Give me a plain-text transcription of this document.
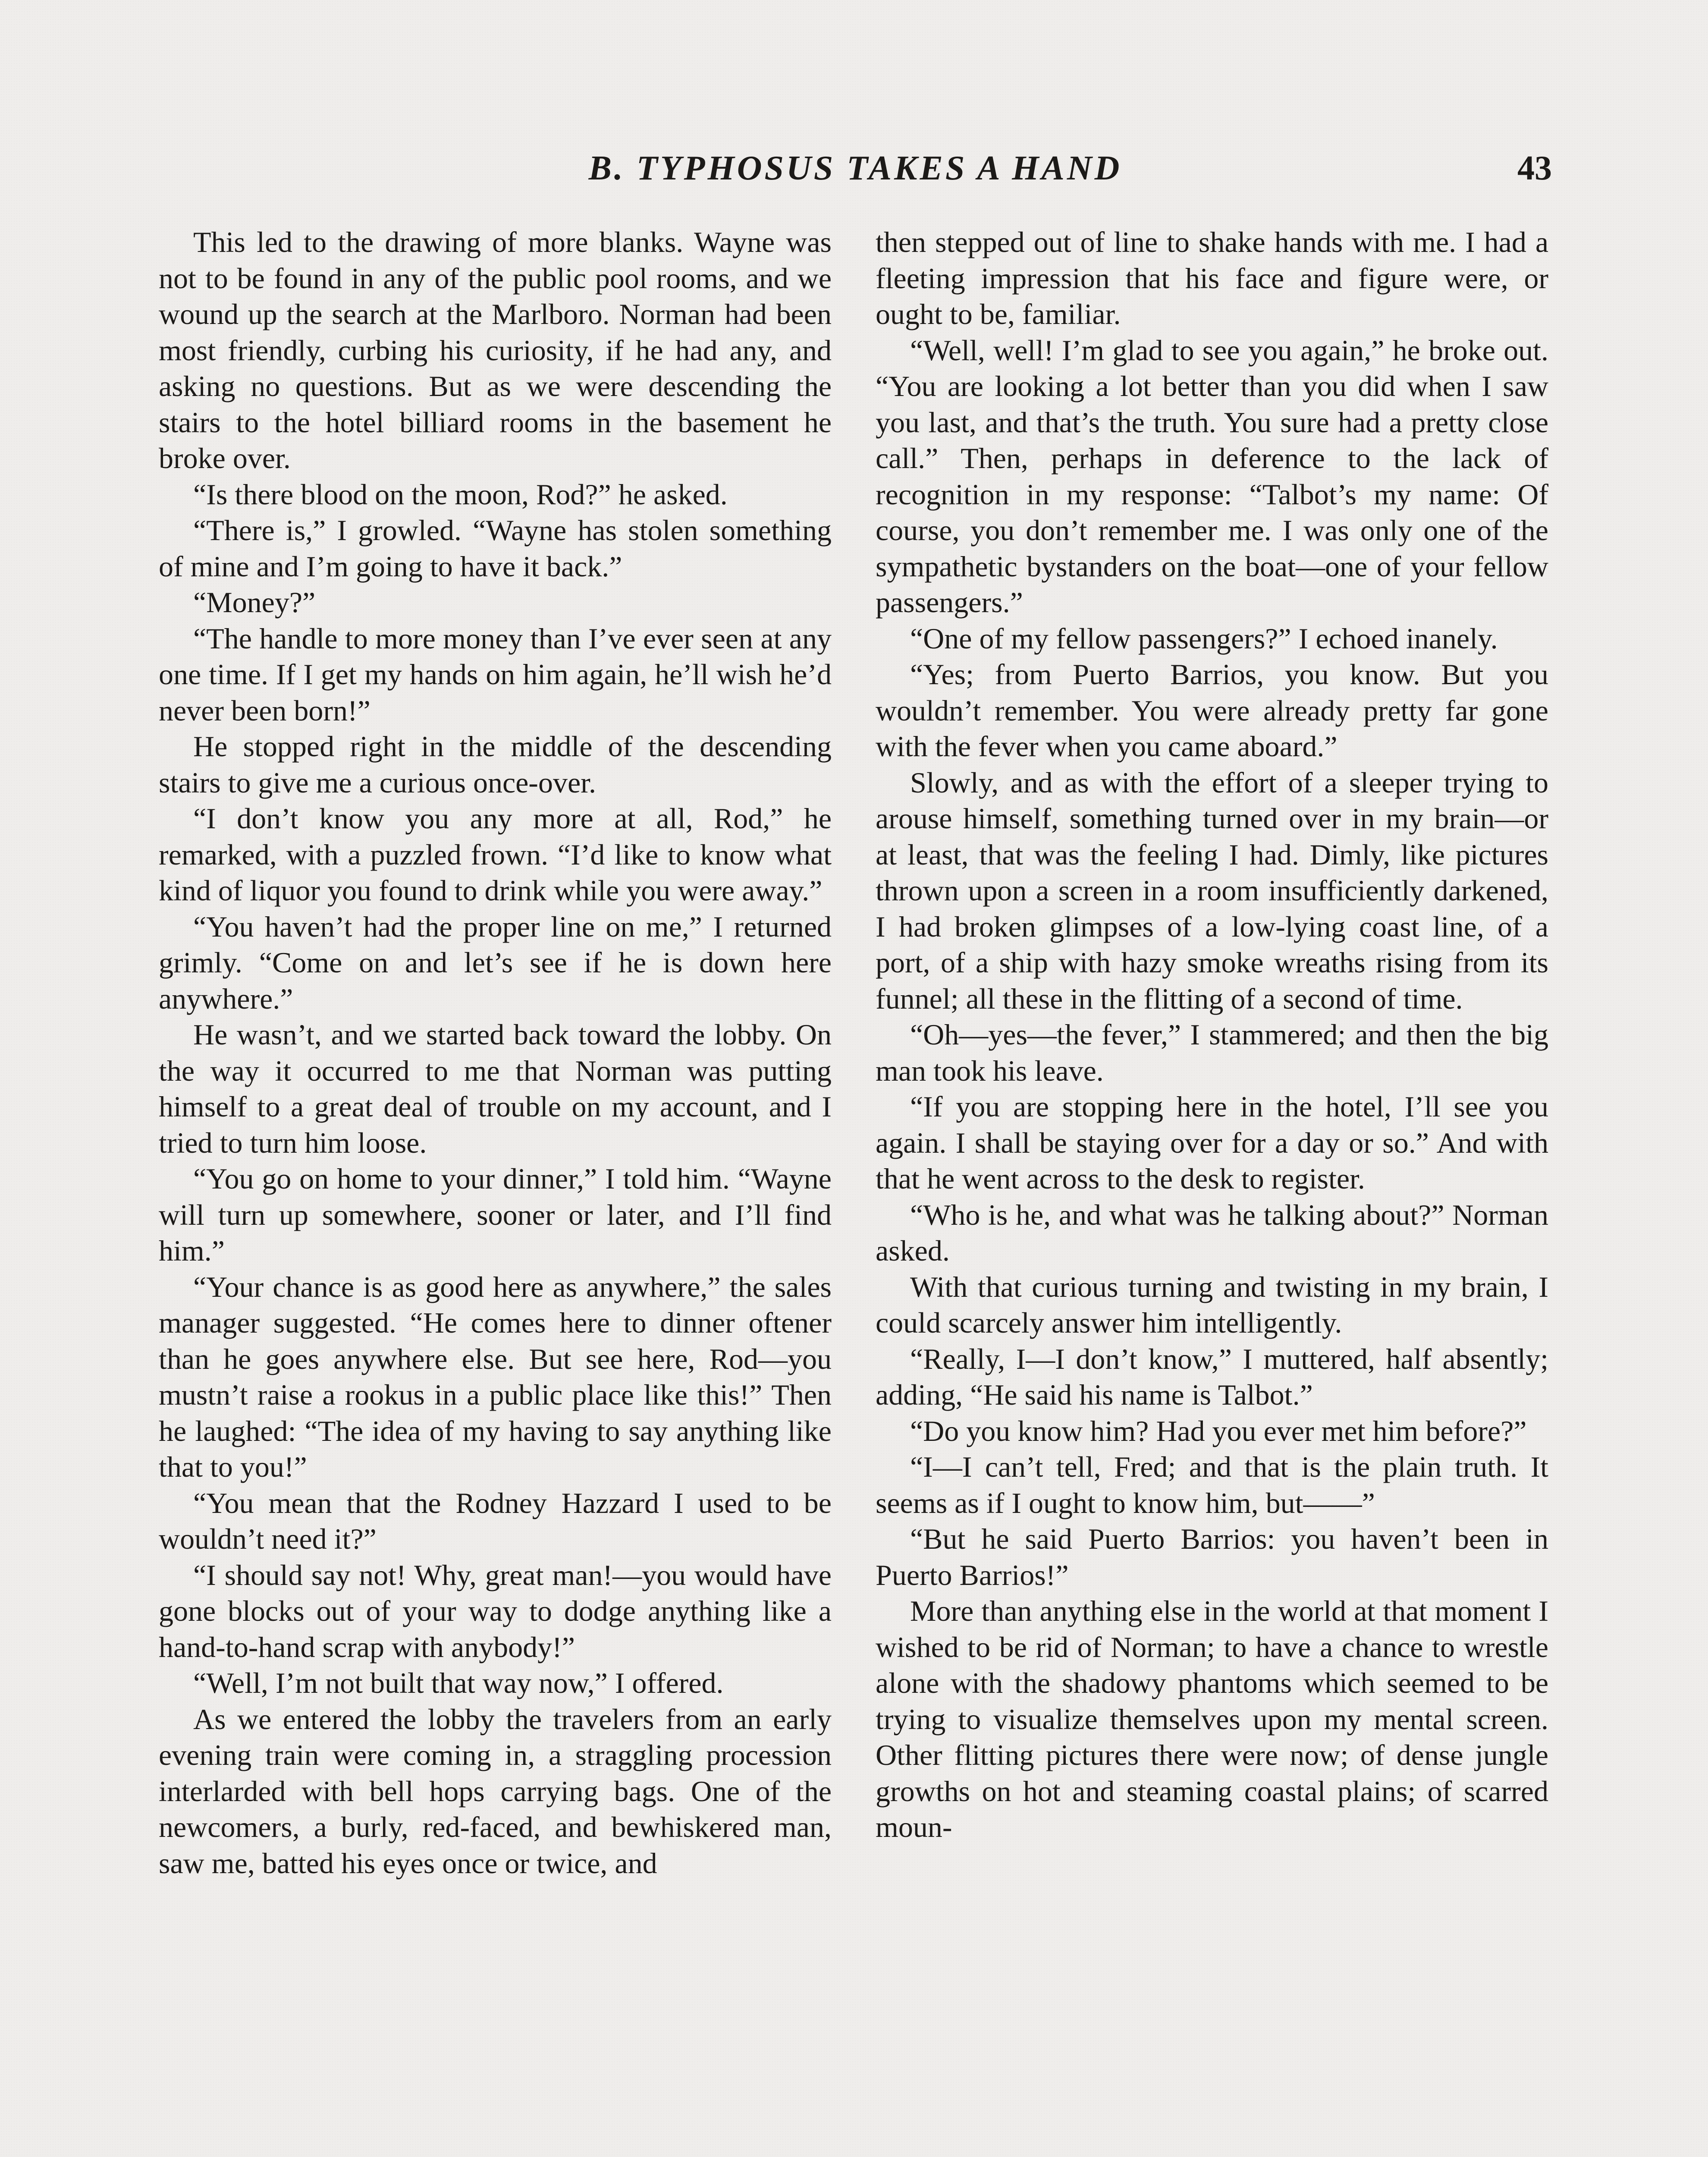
B. TYPHOSUS TAKES A HAND	43

This led to the drawing of more blanks. Wayne was not to be found in any of the public pool rooms, and we wound up the search at the Marlboro. Norman had been most friendly, curbing his curiosity, if he had any, and asking no questions. But as we were descending the stairs to the hotel billiard rooms in the basement he broke over.

“Is there blood on the moon, Rod?” he asked.

“There is,” I growled. “Wayne has stolen something of mine and I’m going to have it back.”

“Money?”

“The handle to more money than I’ve ever seen at any one time. If I get my hands on him again, he’ll wish he’d never been born!”

He stopped right in the middle of the descending stairs to give me a curious once-over.

“I don’t know you any more at all, Rod,” he remarked, with a puzzled frown. “I’d like to know what kind of liquor you found to drink while you were away.”

“You haven’t had the proper line on me,” I returned grimly. “Come on and let’s see if he is down here anywhere.”

He wasn’t, and we started back toward the lobby. On the way it occurred to me that Norman was putting himself to a great deal of trouble on my account, and I tried to turn him loose.

“You go on home to your dinner,” I told him. “Wayne will turn up somewhere, sooner or later, and I’ll find him.”

“Your chance is as good here as anywhere,” the sales manager suggested. “He comes here to dinner oftener than he goes anywhere else. But see here, Rod—you mustn’t raise a rookus in a public place like this!” Then he laughed: “The idea of my having to say anything like that to you!”

“You mean that the Rodney Hazzard I used to be wouldn’t need it?”

“I should say not! Why, great man!—you would have gone blocks out of your way to dodge anything like a hand-to-hand scrap with anybody!”

“Well, I’m not built that way now,” I offered.

As we entered the lobby the travelers from an early evening train were coming in, a straggling procession interlarded with bell hops carrying bags. One of the newcomers, a burly, red-faced, and bewhiskered man, saw me, batted his eyes once or twice, and

then stepped out of line to shake hands with me. I had a fleeting impression that his face and figure were, or ought to be, familiar.

“Well, well! I’m glad to see you again,” he broke out. “You are looking a lot better than you did when I saw you last, and that’s the truth. You sure had a pretty close call.” Then, perhaps in deference to the lack of recognition in my response: “Talbot’s my name: Of course, you don’t remember me. I was only one of the sympathetic bystanders on the boat—one of your fellow passengers.”

“One of my fellow passengers?” I echoed inanely.

“Yes; from Puerto Barrios, you know. But you wouldn’t remember. You were already pretty far gone with the fever when you came aboard.”

Slowly, and as with the effort of a sleeper trying to arouse himself, something turned over in my brain—or at least, that was the feeling I had. Dimly, like pictures thrown upon a screen in a room insufficiently darkened, I had broken glimpses of a low-lying coast line, of a port, of a ship with hazy smoke wreaths rising from its funnel; all these in the flitting of a second of time.

“Oh—yes—the fever,” I stammered; and then the big man took his leave.

“If you are stopping here in the hotel, I’ll see you again. I shall be staying over for a day or so.” And with that he went across to the desk to register.

“Who is he, and what was he talking about?” Norman asked.

With that curious turning and twisting in my brain, I could scarcely answer him intelligently.

“Really, I—I don’t know,” I muttered, half absently; adding, “He said his name is Talbot.”

“Do you know him? Had you ever met him before?”

“I—I can’t tell, Fred; and that is the plain truth. It seems as if I ought to know him, but——”

“But he said Puerto Barrios: you haven’t been in Puerto Barrios!”

More than anything else in the world at that moment I wished to be rid of Norman; to have a chance to wrestle alone with the shadowy phantoms which seemed to be trying to visualize themselves upon my mental screen. Other flitting pictures there were now; of dense jungle growths on hot and steaming coastal plains; of scarred moun-
